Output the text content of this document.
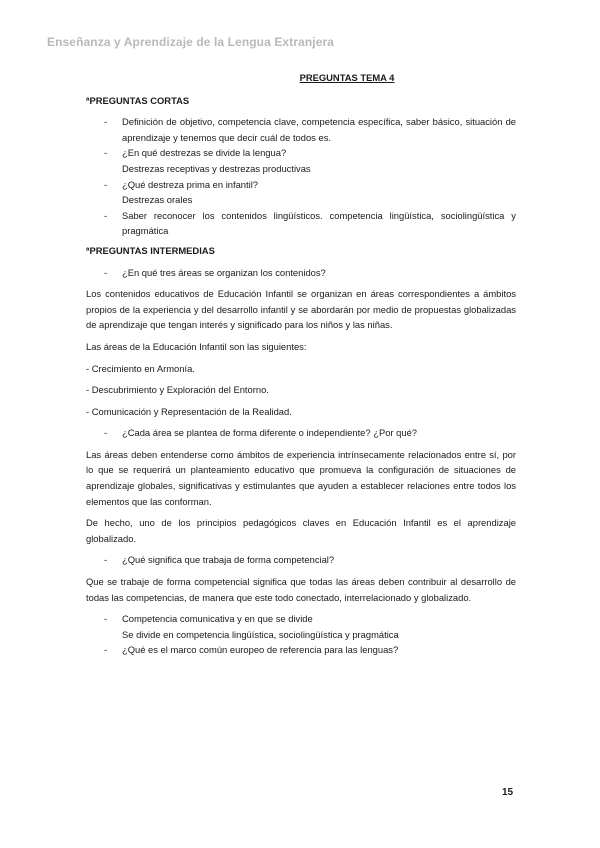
Enseñanza y Aprendizaje de la Lengua Extranjera
PREGUNTAS TEMA 4
ªPREGUNTAS CORTAS
- Definición de objetivo, competencia clave, competencia específica, saber básico, situación de aprendizaje y tenemos que decir cuál de todos es.
- ¿En qué destrezas se divide la lengua?
Destrezas receptivas y destrezas productivas
- ¿Qué destreza prima en infantil?
Destrezas orales
- Saber reconocer los contenidos lingüísticos. competencia lingüística, sociolingüística y pragmática
ªPREGUNTAS INTERMEDIAS
- ¿En qué tres áreas se organizan los contenidos?

Los contenidos educativos de Educación Infantil se organizan en áreas correspondientes a ámbitos propios de la experiencia y del desarrollo infantil y se abordarán por medio de propuestas globalizadas de aprendizaje que tengan interés y significado para los niños y las niñas.

Las áreas de la Educación Infantil son las siguientes:

- Crecimiento en Armonía.

- Descubrimiento y Exploración del Entorno.

- Comunicación y Representación de la Realidad.

- ¿Cada área se plantea de forma diferente o independiente? ¿Por qué?

Las áreas deben entenderse como ámbitos de experiencia intrínsecamente relacionados entre sí, por lo que se requerirá un planteamiento educativo que promueva la configuración de situaciones de aprendizaje globales, significativas y estimulantes que ayuden a establecer relaciones entre todos los elementos que las conforman.

De hecho, uno de los principios pedagógicos claves en Educación Infantil es el aprendizaje globalizado.

- ¿Qué significa que trabaja de forma competencial?

Que se trabaje de forma competencial significa que todas las áreas deben contribuir al desarrollo de todas las competencias, de manera que este todo conectado, interrelacionado y globalizado.

- Competencia comunicativa y en que se divide
Se divide en competencia lingüística, sociolingüística y pragmática
- ¿Qué es el marco común europeo de referencia para las lenguas?
15
